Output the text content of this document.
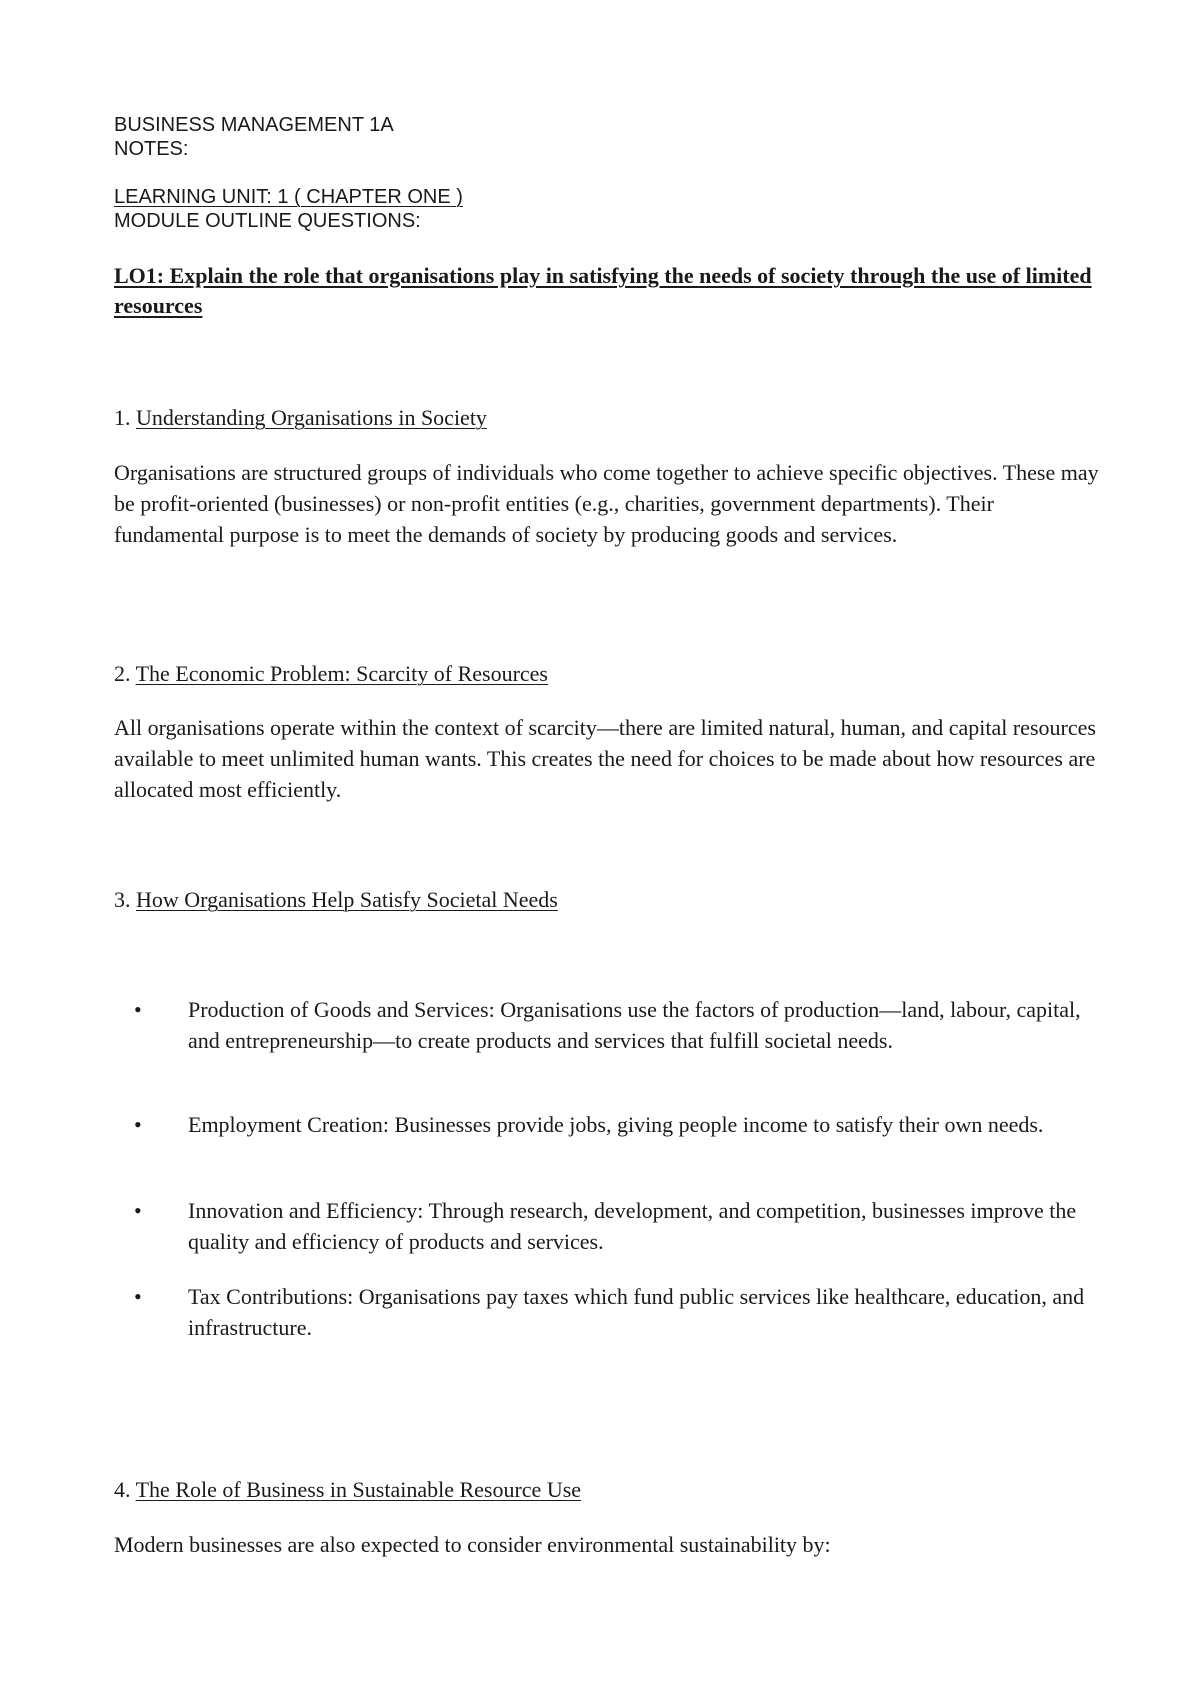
BUSINESS MANAGEMENT 1A

NOTES:

LEARNING UNIT: 1 ( CHAPTER ONE )

MODULE OUTLINE QUESTIONS:

LO1: Explain the role that organisations play in satisfying the needs of society through the use of limited resources

1. Understanding Organisations in Society

Organisations are structured groups of individuals who come together to achieve specific objectives. These may be profit-oriented (businesses) or non-profit entities (e.g., charities, government departments). Their fundamental purpose is to meet the demands of society by producing goods and services.

2. The Economic Problem: Scarcity of Resources

All organisations operate within the context of scarcity—there are limited natural, human, and capital resources available to meet unlimited human wants. This creates the need for choices to be made about how resources are allocated most efficiently.

3. How Organisations Help Satisfy Societal Needs

• Production of Goods and Services: Organisations use the factors of production—land, labour, capital, and entrepreneurship—to create products and services that fulfill societal needs.
• Employment Creation: Businesses provide jobs, giving people income to satisfy their own needs.
• Innovation and Efficiency: Through research, development, and competition, businesses improve the quality and efficiency of products and services.
• Tax Contributions: Organisations pay taxes which fund public services like healthcare, education, and infrastructure.

4. The Role of Business in Sustainable Resource Use

Modern businesses are also expected to consider environmental sustainability by:
